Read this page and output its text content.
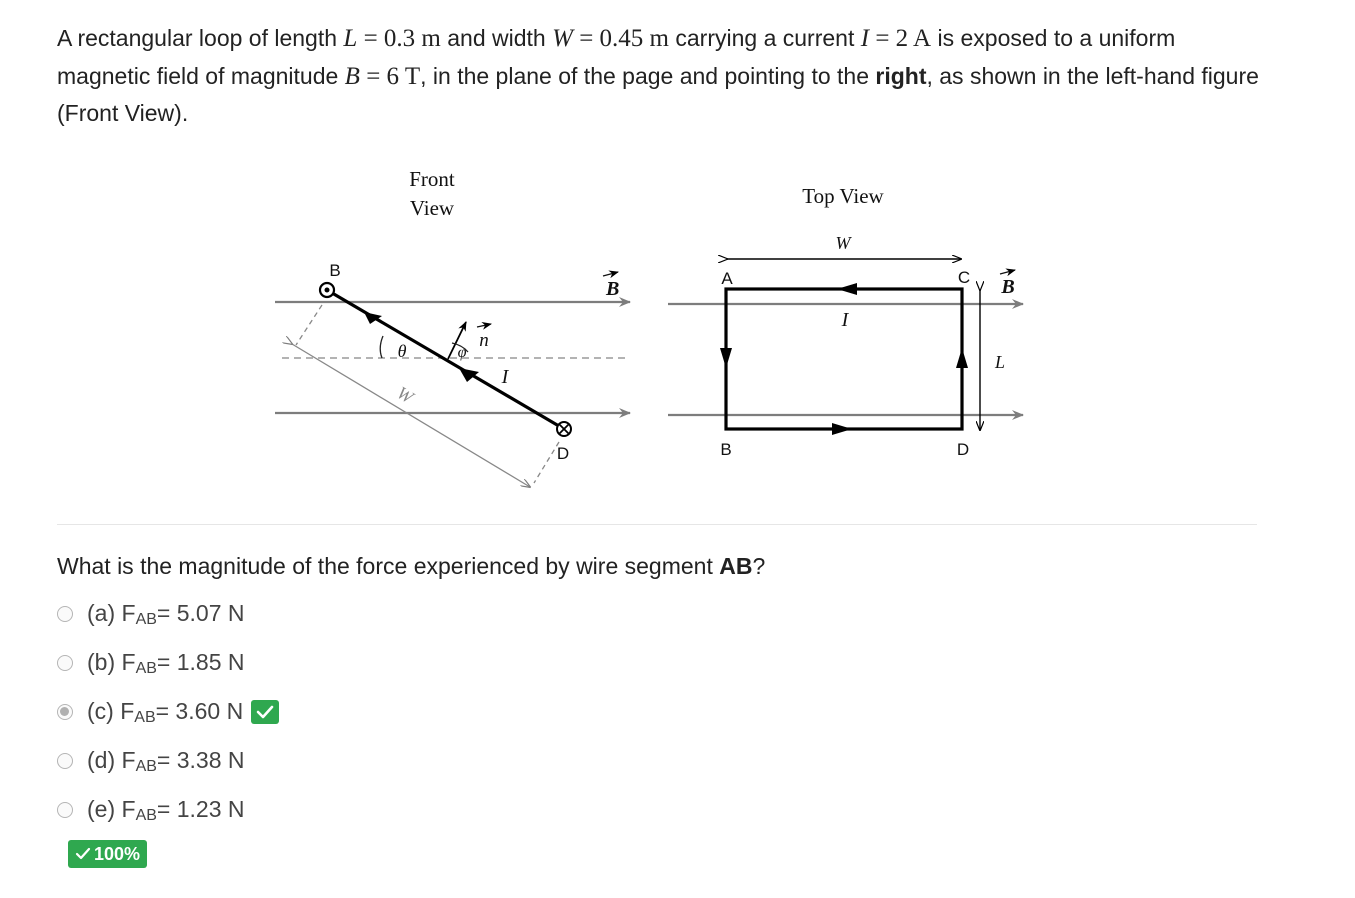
A rectangular loop of length L = 0.3 m and width W = 0.45 m carrying a current I = 2 A is exposed to a uniform magnetic field of magnitude B = 6 T, in the plane of the page and pointing to the right, as shown in the left-hand figure (Front View).
Front
View
B
B
D
W
θ	φ
n
I
Top View
W
A
B
C
D
I
L
B
What is the magnitude of the force experienced by wire segment AB?
(a) F AB = 5.07 N
(b) F AB = 1.85 N
(c) F AB = 3.60 N
(d) F AB = 3.38 N
(e) F AB = 1.23 N
100%
